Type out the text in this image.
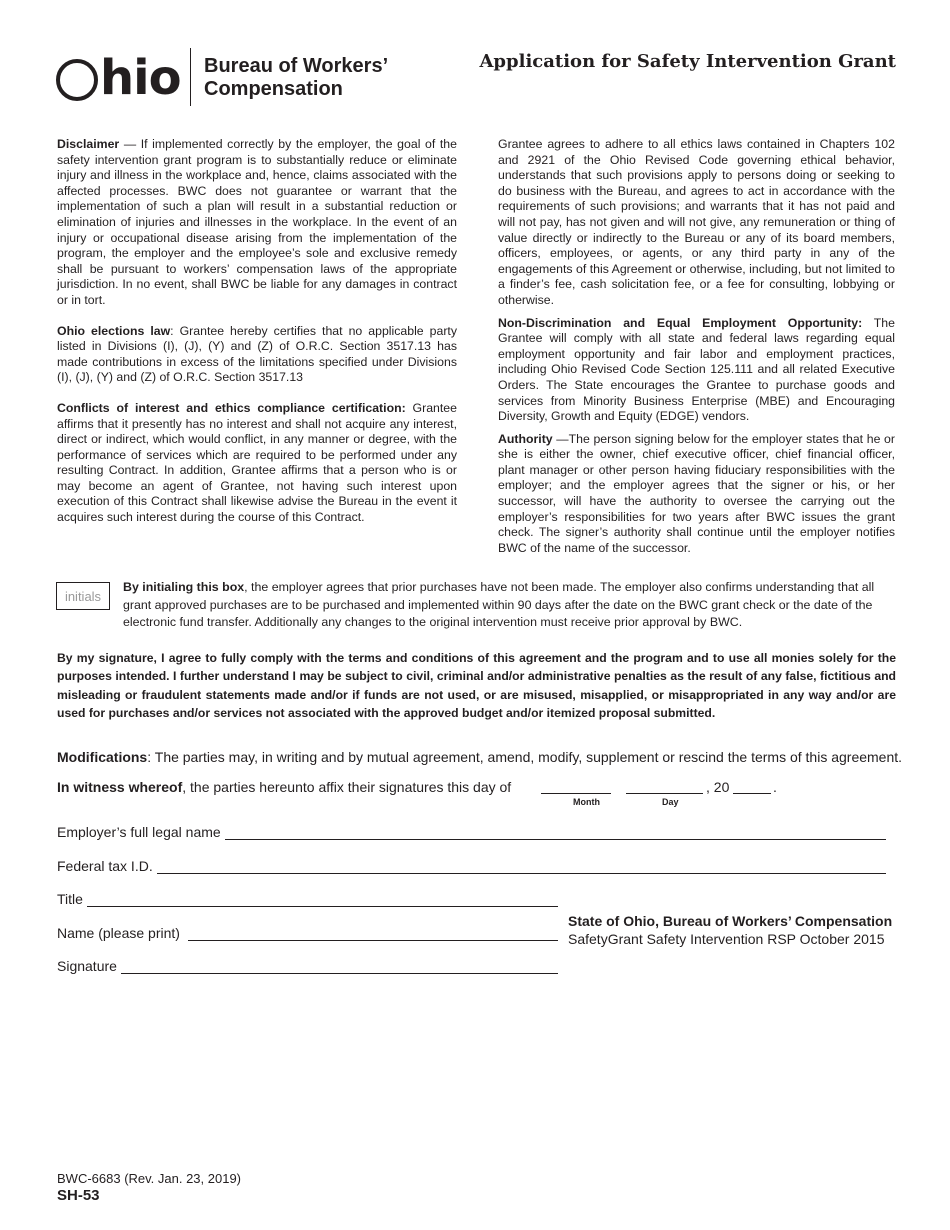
hio Bureau of Workers’
Compensation
Application for Safety Intervention Grant

Disclaimer — If implemented correctly by the employer, the goal of the safety intervention grant program is to substantially reduce or eliminate injury and illness in the workplace and, hence, claims associated with the affected processes. BWC does not guarantee or warrant that the implementation of such a plan will result in a substantial reduction or elimination of injuries and illnesses in the workplace. In the event of an injury or occupational disease arising from the implementation of the program, the employer and the employee’s sole and exclusive remedy shall be pursuant to workers’ compensation laws of the appropriate jurisdiction. In no event, shall BWC be liable for any damages in contract or in tort.

Ohio elections law: Grantee hereby certifies that no applicable party listed in Divisions (I), (J), (Y) and (Z) of O.R.C. Section 3517.13 has made contributions in excess of the limitations specified under Divisions (I), (J), (Y) and (Z) of O.R.C. Section 3517.13

Conflicts of interest and ethics compliance certification: Grantee affirms that it presently has no interest and shall not acquire any interest, direct or indirect, which would conflict, in any manner or degree, with the performance of services which are required to be performed under any resulting Contract. In addition, Grantee affirms that a person who is or may become an agent of Grantee, not having such interest upon execution of this Contract shall likewise advise the Bureau in the event it acquires such interest during the course of this Contract.

Grantee agrees to adhere to all ethics laws contained in Chapters 102 and 2921 of the Ohio Revised Code governing ethical behavior, understands that such provisions apply to persons doing or seeking to do business with the Bureau, and agrees to act in accordance with the requirements of such provisions; and warrants that it has not paid and will not pay, has not given and will not give, any remuneration or thing of value directly or indirectly to the Bureau or any of its board members, officers, employees, or agents, or any third party in any of the engagements of this Agreement or otherwise, including, but not limited to a finder’s fee, cash solicitation fee, or a fee for consulting, lobbying or otherwise.

Non-Discrimination and Equal Employment Opportunity: The Grantee will comply with all state and federal laws regarding equal employment opportunity and fair labor and employment practices, including Ohio Revised Code Section 125.111 and all related Executive Orders. The State encourages the Grantee to purchase goods and services from Minority Business Enterprise (MBE) and Encouraging Diversity, Growth and Equity (EDGE) vendors.

Authority —The person signing below for the employer states that he or she is either the owner, chief executive officer, chief financial officer, plant manager or other person having fiduciary responsibilities with the employer; and the employer agrees that the signer or his, or her successor, will have the authority to oversee the carrying out the employer’s responsibilities for two years after BWC issues the grant check. The signer’s authority shall continue until the employer notifies BWC of the name of the successor.

initials
By initialing this box, the employer agrees that prior purchases have not been made. The employer also confirms understanding that all grant approved purchases are to be purchased and implemented within 90 days after the date on the BWC grant check or the date of the electronic fund transfer. Additionally any changes to the original intervention must receive prior approval by BWC.
By my signature, I agree to fully comply with the terms and conditions of this agreement and the program and to use all monies solely for the purposes intended. I further understand I may be subject to civil, criminal and/or administrative penalties as the result of any false, fictitious and misleading or fraudulent statements made and/or if funds are not used, or are misused, misapplied, or misappropriated in any way and/or are used for purchases and/or services not associated with the approved budget and/or itemized proposal submitted.
Modifications: The parties may, in writing and by mutual agreement, amend, modify, supplement or rescind the terms of this agreement.
In witness whereof, the parties hereunto affix their signatures this day of	, 20	.
Month	Day
Employer’s full legal name
Federal tax I.D.
Title
Name (please print)
Signature
State of Ohio, Bureau of Workers’ Compensation
SafetyGrant Safety Intervention RSP October 2015
BWC-6683 (Rev. Jan. 23, 2019)
SH-53
